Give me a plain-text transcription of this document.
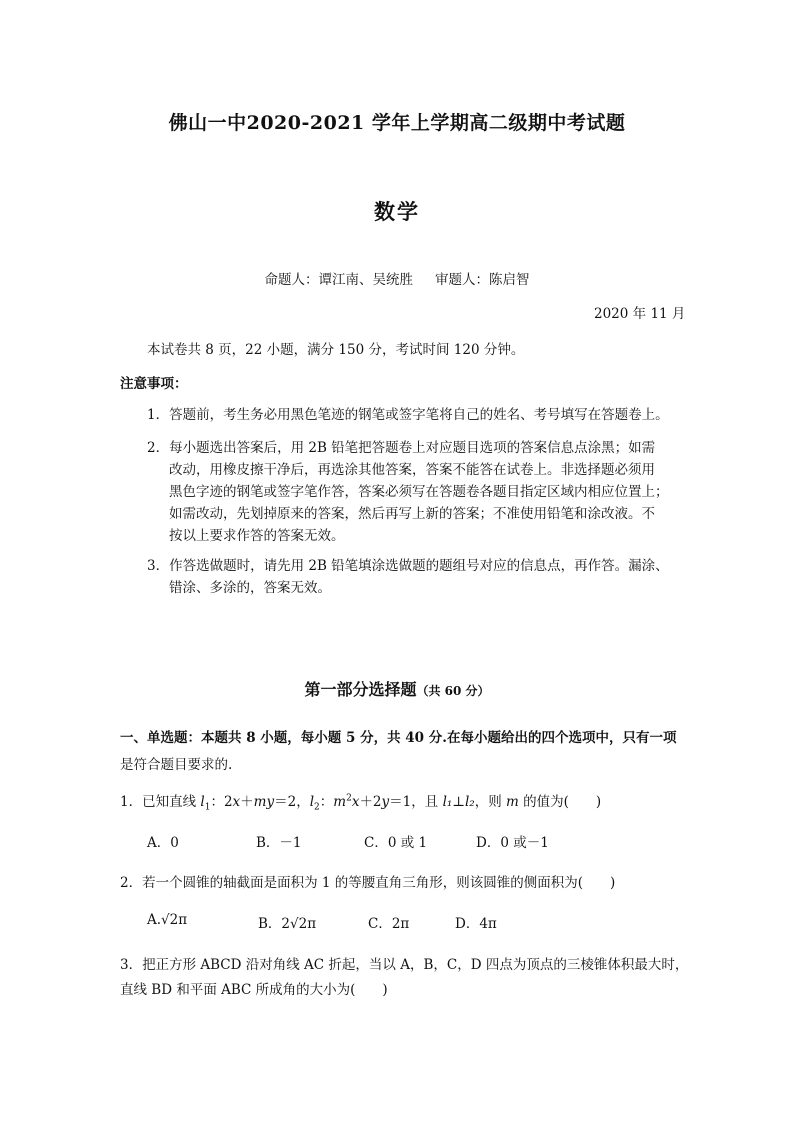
佛山一中2020-2021 学年上学期高二级期中考试题
数学
命题人：谭江南、吴统胜 审题人：陈启智
2020 年 11 月
本试卷共 8 页，22 小题，满分 150 分，考试时间 120 分钟。
注意事项：
1．答题前，考生务必用黑色笔迹的钢笔或签字笔将自己的姓名、考号填写在答题卷上。
2．每小题选出答案后，用 2B 铅笔把答题卷上对应题目选项的答案信息点涂黑；如需
改动，用橡皮擦干净后，再选涂其他答案，答案不能答在试卷上。非选择题必须用
黑色字迹的钢笔或签字笔作答，答案必须写在答题卷各题目指定区域内相应位置上；
如需改动，先划掉原来的答案，然后再写上新的答案；不准使用铅笔和涂改液。不
按以上要求作答的答案无效。
3．作答选做题时，请先用 2B 铅笔填涂选做题的题组号对应的信息点，再作答。漏涂、
错涂、多涂的，答案无效。
第一部分选择题（共 60 分）
一、单选题：本题共 8 小题，每小题 5 分，共 40 分.在每小题给出的四个选项中，只有一项
是符合题目要求的.
1．已知直线 $l_1$：2x＋my＝2，$l_2$：$m^2x+2y=1$，且 l₁⊥l₂，则 m 的值为(　　)
A．0	B．－1	C．0 或 1	D．0 或－1
2．若一个圆锥的轴截面是面积为 1 的等腰直角三角形，则该圆锥的侧面积为(　　)
A.√2π	B．2√2π	C．2π	D．4π
3．把正方形 ABCD 沿对角线 AC 折起，当以 A，B，C，D 四点为顶点的三棱锥体积最大时，
直线 BD 和平面 ABC 所成角的大小为(　　)
